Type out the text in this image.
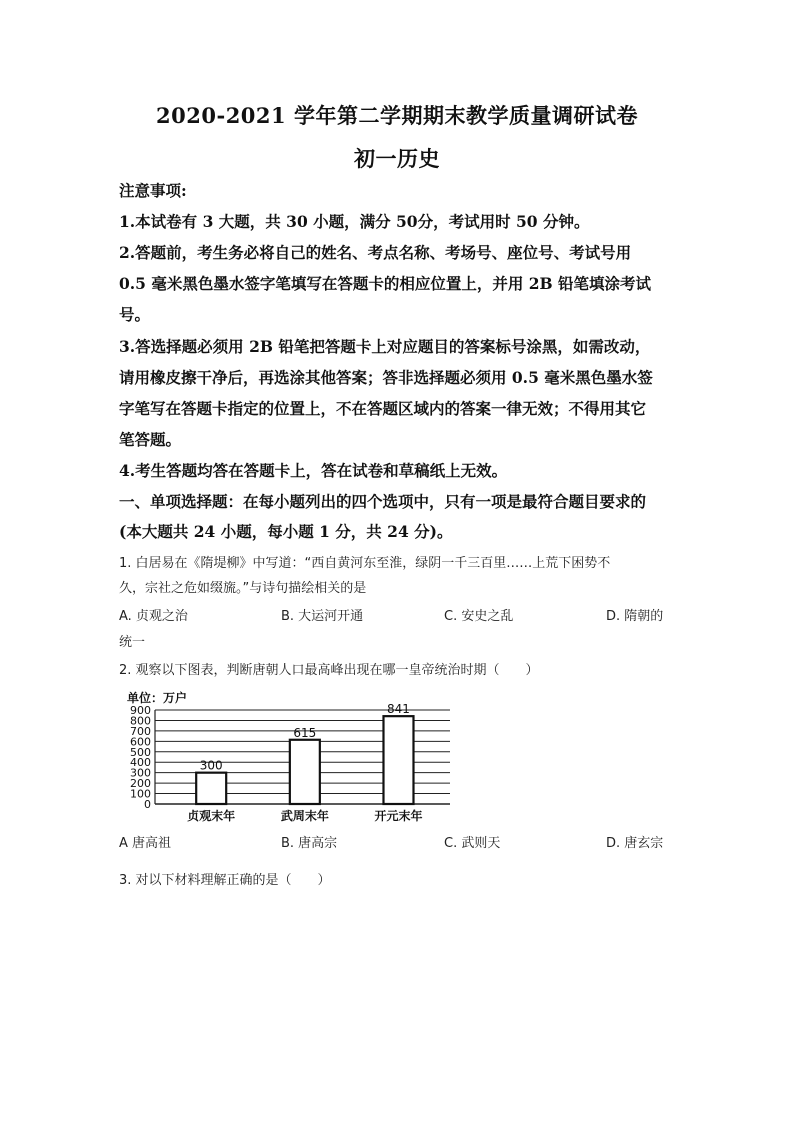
2020-2021 学年第二学期期末教学质量调研试卷
初一历史
注意事项:
1.本试卷有 3 大题，共 30 小题，满分 50分，考试用时 50 分钟。
2.答题前，考生务必将自己的姓名、考点名称、考场号、座位号、考试号用
0.5 毫米黑色墨水签字笔填写在答题卡的相应位置上，并用 2B 铅笔填涂考试
号。
3.答选择题必须用 2B 铅笔把答题卡上对应题目的答案标号涂黑，如需改动，
请用橡皮擦干净后，再选涂其他答案；答非选择题必须用 0.5 毫米黑色墨水签
字笔写在答题卡指定的位置上，不在答题区域内的答案一律无效；不得用其它
笔答题。
4.考生答题均答在答题卡上，答在试卷和草稿纸上无效。
一、单项选择题：在每小题列出的四个选项中，只有一项是最符合题目要求的
(本大题共 24 小题，每小题 1 分，共 24 分)。
1. 白居易在《隋堤柳》中写道：“西自黄河东至淮，绿阴一千三百里……上荒下困势不
久，宗社之危如缀旒。”与诗句描绘相关的是
A. 贞观之治	B. 大运河开通	C. 安史之乱	D. 隋朝的
统一
2. 观察以下图表，判断唐朝人口最高峰出现在哪一皇帝统治时期（　　）
单位：万户
0
100
200
300
400
500
600
700
800
900
300
贞观末年
615
武周末年
841
开元末年
A 唐高祖	B. 唐高宗	C. 武则天	D. 唐玄宗
3. 对以下材料理解正确的是（　　）
